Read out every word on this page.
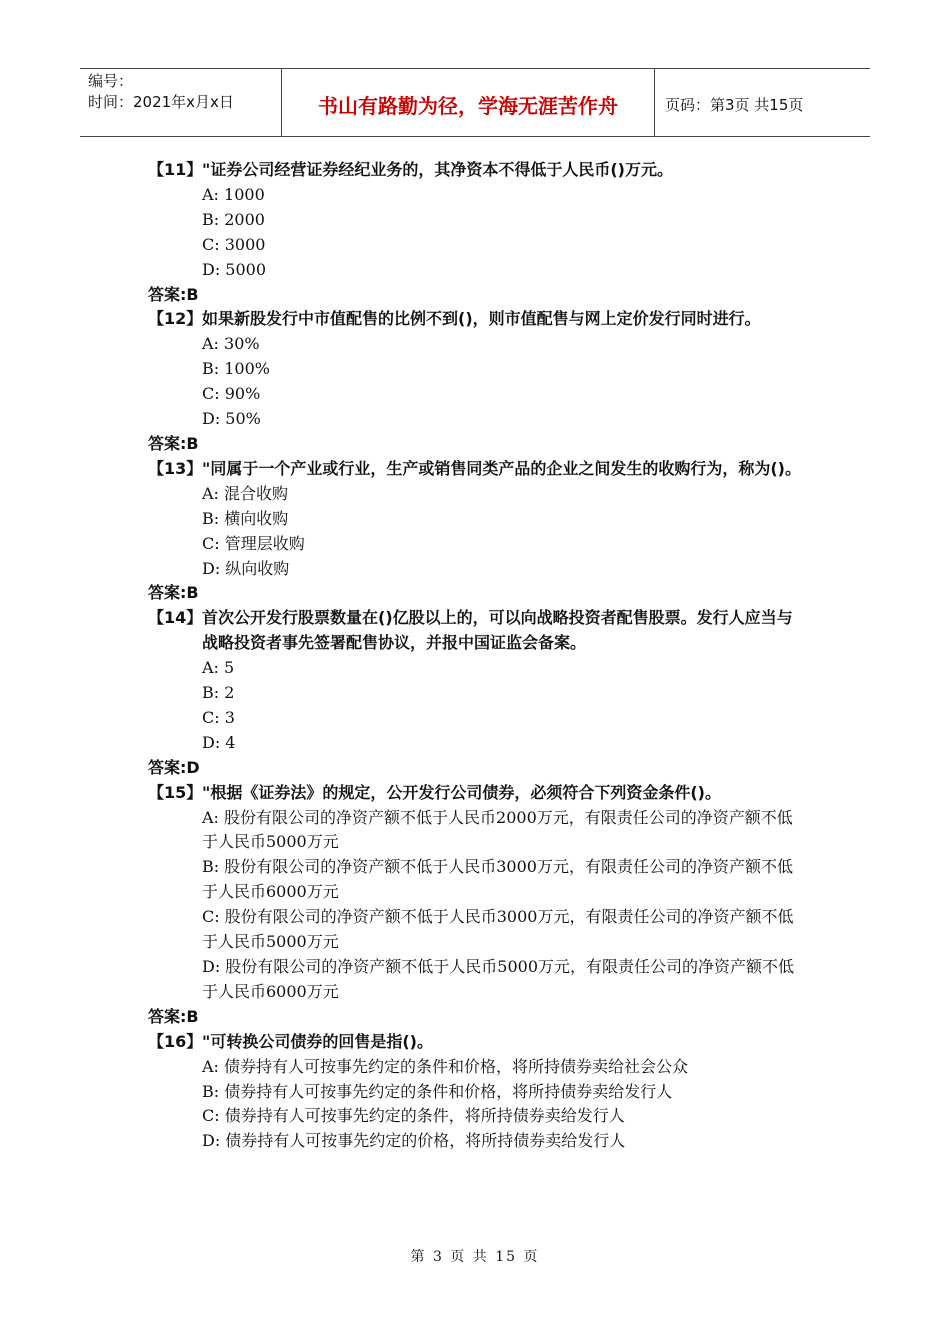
编号：
时间：2021年x月x日	书山有路勤为径，学海无涯苦作舟	页码：第3页 共15页
【11】 "证券公司经营证券经纪业务的，其净资本不得低于人民币()万元。
A: 1000
B: 2000
C: 3000
D: 5000
答案:B
【12】 如果新股发行中市值配售的比例不到()，则市值配售与网上定价发行同时进行。
A: 30%
B: 100%
C: 90%
D: 50%
答案:B
【13】 "同属于一个产业或行业，生产或销售同类产品的企业之间发生的收购行为，称为()。
A: 混合收购
B: 横向收购
C: 管理层收购
D: 纵向收购
答案:B
【14】 首次公开发行股票数量在()亿股以上的，可以向战略投资者配售股票。发行人应当与战略投资者事先签署配售协议，并报中国证监会备案。
A: 5
B: 2
C: 3
D: 4
答案:D
【15】 "根据《证券法》的规定，公开发行公司债券，必须符合下列资金条件()。
A: 股份有限公司的净资产额不低于人民币2000万元，有限责任公司的净资产额不低于人民币5000万元
B: 股份有限公司的净资产额不低于人民币3000万元，有限责任公司的净资产额不低于人民币6000万元
C: 股份有限公司的净资产额不低于人民币3000万元，有限责任公司的净资产额不低于人民币5000万元
D: 股份有限公司的净资产额不低于人民币5000万元，有限责任公司的净资产额不低于人民币6000万元
答案:B
【16】 "可转换公司债券的回售是指()。
A: 债券持有人可按事先约定的条件和价格，将所持债券卖给社会公众
B: 债券持有人可按事先约定的条件和价格，将所持债券卖给发行人
C: 债券持有人可按事先约定的条件，将所持债券卖给发行人
D: 债券持有人可按事先约定的价格，将所持债券卖给发行人
第 3 页 共 15 页
